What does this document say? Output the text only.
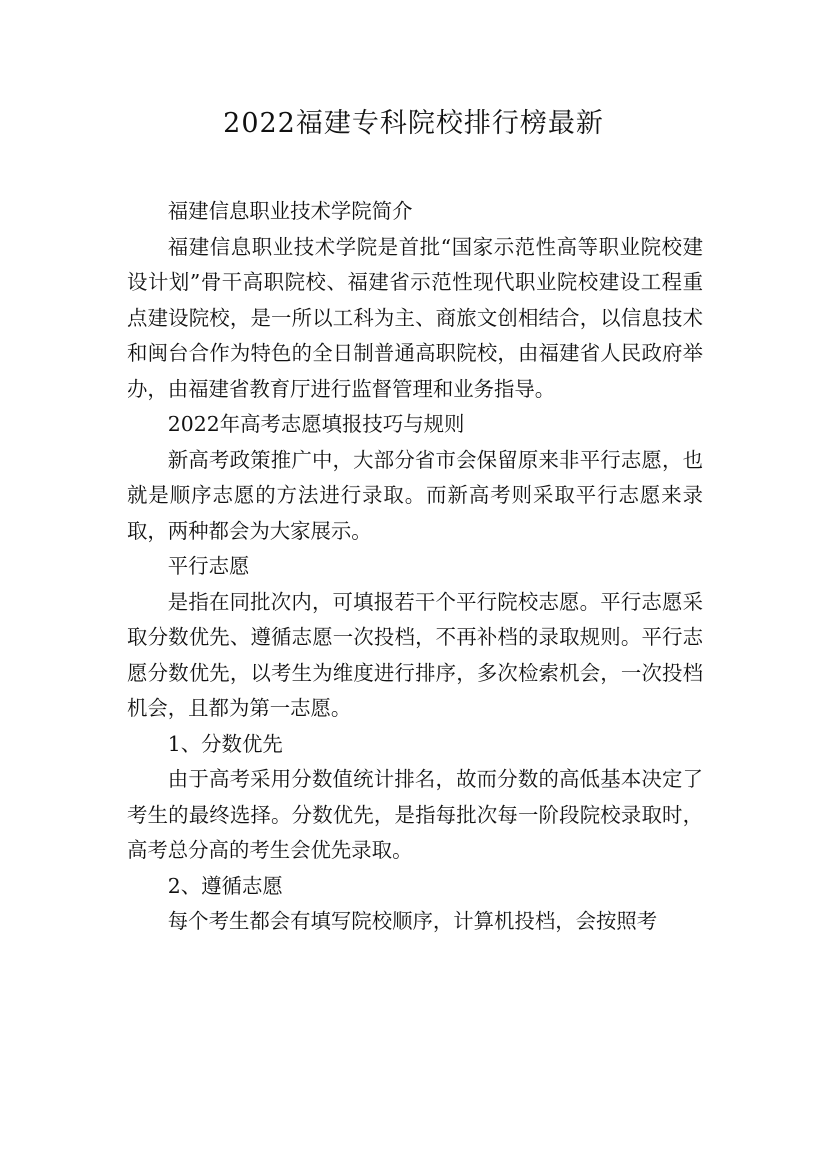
2022福建专科院校排行榜最新

福建信息职业技术学院简介

福建信息职业技术学院是首批“国家示范性高等职业院校建设计划”骨干高职院校、福建省示范性现代职业院校建设工程重点建设院校，是一所以工科为主、商旅文创相结合，以信息技术和闽台合作为特色的全日制普通高职院校，由福建省人民政府举办，由福建省教育厅进行监督管理和业务指导。

2022年高考志愿填报技巧与规则

新高考政策推广中，大部分省市会保留原来非平行志愿，也就是顺序志愿的方法进行录取。而新高考则采取平行志愿来录取，两种都会为大家展示。

平行志愿

是指在同批次内，可填报若干个平行院校志愿。平行志愿采取分数优先、遵循志愿一次投档，不再补档的录取规则。平行志愿分数优先，以考生为维度进行排序，多次检索机会，一次投档机会，且都为第一志愿。

1、分数优先

由于高考采用分数值统计排名，故而分数的高低基本决定了考生的最终选择。分数优先，是指每批次每一阶段院校录取时，高考总分高的考生会优先录取。

2、遵循志愿

每个考生都会有填写院校顺序，计算机投档，会按照考
